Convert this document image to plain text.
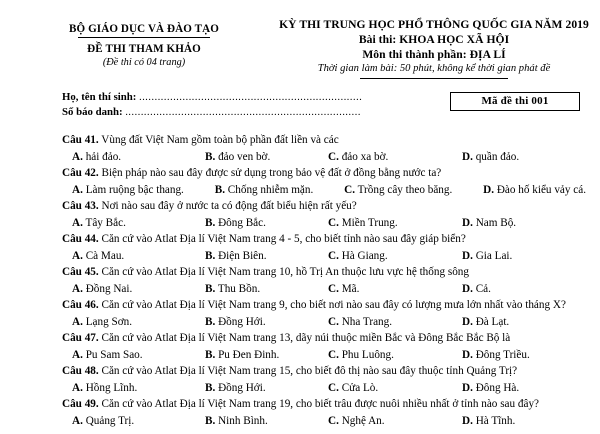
BỘ GIÁO DỤC VÀ ĐÀO TẠO
ĐỀ THI THAM KHẢO
(Đề thi có 04 trang)
KỲ THI TRUNG HỌC PHỔ THÔNG QUỐC GIA NĂM 2019
Bài thi: KHOA HỌC XÃ HỘI
Môn thi thành phần: ĐỊA LÍ
Thời gian làm bài: 50 phút, không kể thời gian phát đề
Họ, tên thí sinh: ........................................................................
Số báo danh: ............................................................................
Mã đề thi 001
Câu 41. Vùng đất Việt Nam gồm toàn bộ phần đất liền và các
A. hải đảo.	B. đảo ven bờ.	C. đảo xa bờ.	D. quần đảo.
Câu 42. Biện pháp nào sau đây được sử dụng trong bảo vệ đất ở đồng bằng nước ta?
A. Làm ruộng bậc thang.	B. Chống nhiễm mặn.	C. Trồng cây theo băng.	D. Đào hố kiểu vảy cá.
Câu 43. Nơi nào sau đây ở nước ta có động đất biểu hiện rất yếu?
A. Tây Bắc.	B. Đông Bắc.	C. Miền Trung.	D. Nam Bộ.
Câu 44. Căn cứ vào Atlat Địa lí Việt Nam trang 4 - 5, cho biết tỉnh nào sau đây giáp biển?
A. Cà Mau.	B. Điện Biên.	C. Hà Giang.	D. Gia Lai.
Câu 45. Căn cứ vào Atlat Địa lí Việt Nam trang 10, hồ Trị An thuộc lưu vực hệ thống sông
A. Đồng Nai.	B. Thu Bồn.	C. Mã.	D. Cả.
Câu 46. Căn cứ vào Atlat Địa lí Việt Nam trang 9, cho biết nơi nào sau đây có lượng mưa lớn nhất vào tháng X?
A. Lạng Sơn.	B. Đồng Hới.	C. Nha Trang.	D. Đà Lạt.
Câu 47. Căn cứ vào Atlat Địa lí Việt Nam trang 13, dãy núi thuộc miền Bắc và Đông Bắc Bắc Bộ là
A. Pu Sam Sao.	B. Pu Đen Đinh.	C. Phu Luông.	D. Đông Triều.
Câu 48. Căn cứ vào Atlat Địa lí Việt Nam trang 15, cho biết đô thị nào sau đây thuộc tỉnh Quảng Trị?
A. Hồng Lĩnh.	B. Đồng Hới.	C. Cửa Lò.	D. Đông Hà.
Câu 49. Căn cứ vào Atlat Địa lí Việt Nam trang 19, cho biết trâu được nuôi nhiều nhất ở tỉnh nào sau đây?
A. Quảng Trị.	B. Ninh Bình.	C. Nghệ An.	D. Hà Tĩnh.
